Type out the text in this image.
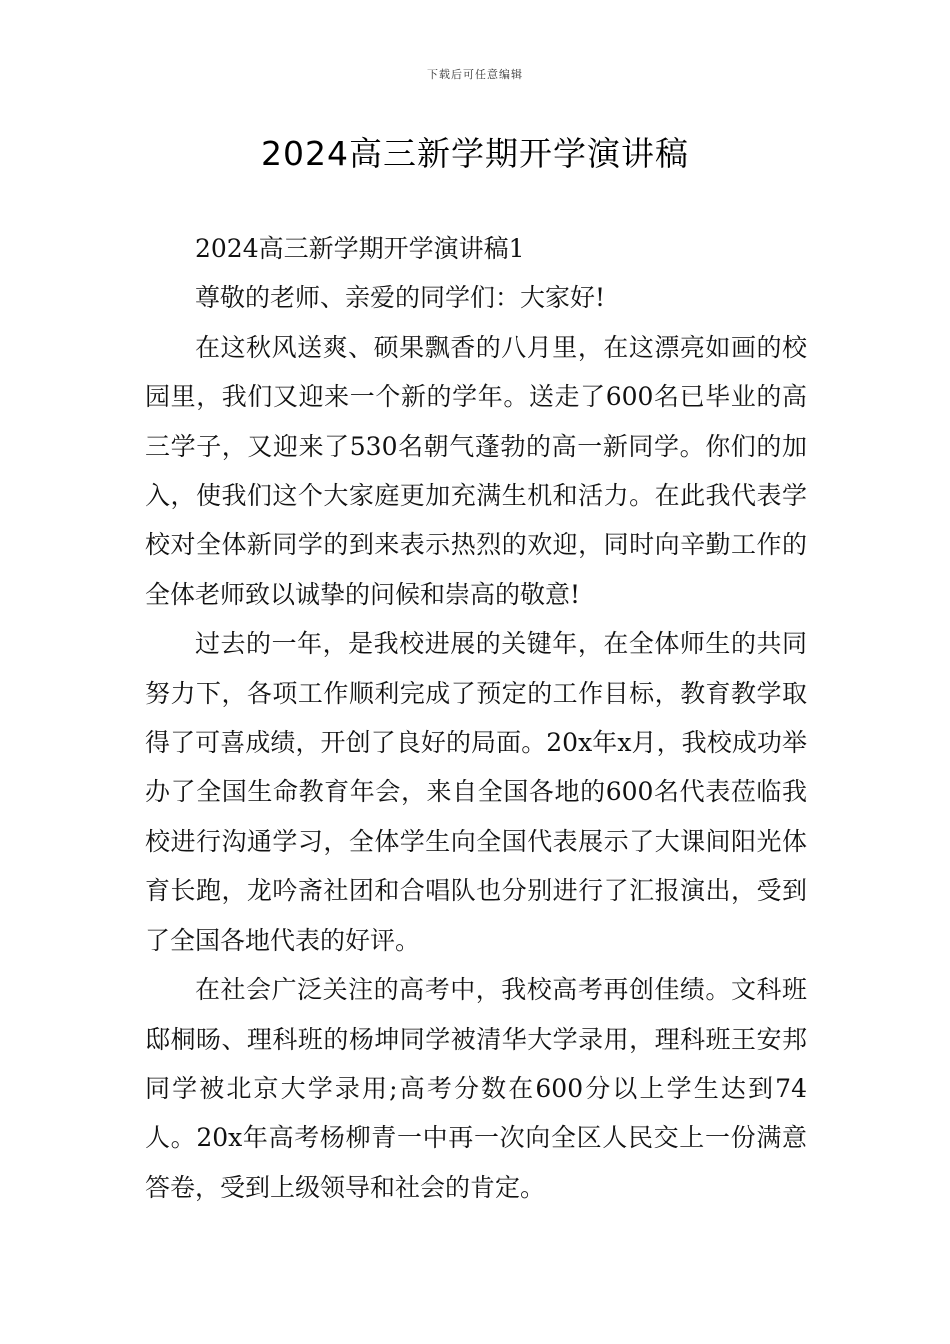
下载后可任意编辑
2024高三新学期开学演讲稿

2024高三新学期开学演讲稿1

尊敬的老师、亲爱的同学们：大家好!

在这秋风送爽、硕果飘香的八月里，在这漂亮如画的校园里，我们又迎来一个新的学年。送走了600名已毕业的高三学子，又迎来了530名朝气蓬勃的高一新同学。你们的加入，使我们这个大家庭更加充满生机和活力。在此我代表学校对全体新同学的到来表示热烈的欢迎，同时向辛勤工作的全体老师致以诚挚的问候和崇高的敬意!

过去的一年，是我校进展的关键年，在全体师生的共同努力下，各项工作顺利完成了预定的工作目标，教育教学取得了可喜成绩，开创了良好的局面。20x年x月，我校成功举办了全国生命教育年会，来自全国各地的600名代表莅临我校进行沟通学习，全体学生向全国代表展示了大课间阳光体育长跑，龙吟斋社团和合唱队也分别进行了汇报演出，受到了全国各地代表的好评。

在社会广泛关注的高考中，我校高考再创佳绩。文科班邸桐旸、理科班的杨坤同学被清华大学录用，理科班王安邦同学被北京大学录用;高考分数在600分以上学生达到74人。20x年高考杨柳青一中再一次向全区人民交上一份满意答卷，受到上级领导和社会的肯定。
